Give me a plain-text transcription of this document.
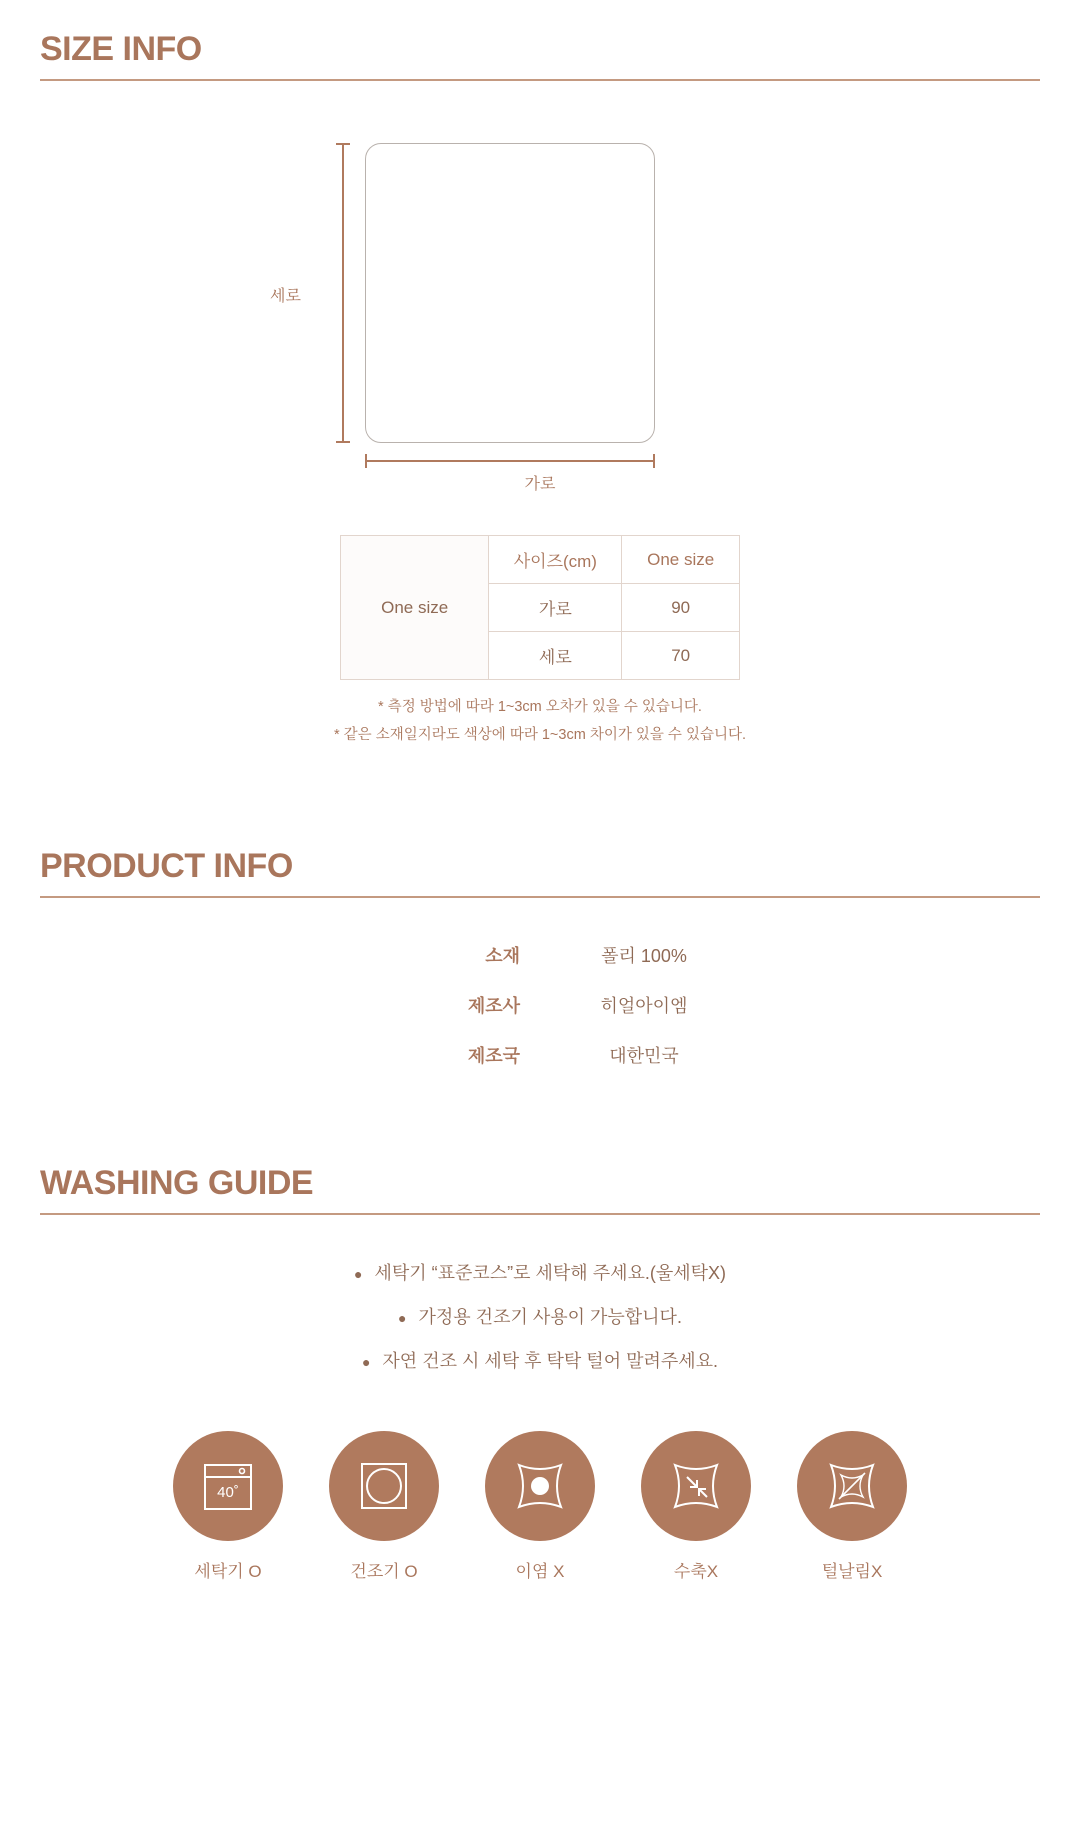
SIZE INFO
세로
가로
One size	사이즈(cm)	One size
	가로	90
	세로	70
* 측정 방법에 따라 1~3cm 오차가 있을 수 있습니다.
* 같은 소재일지라도 색상에 따라 1~3cm 차이가 있을 수 있습니다.
PRODUCT INFO
소재	폴리 100%
제조사	히얼아이엠
제조국	대한민국
WASHING GUIDE
● 세탁기 “표준코스”로 세탁해 주세요.(울세탁X)
● 가정용 건조기 사용이 가능합니다.
● 자연 건조 시 세탁 후 탁탁 털어 말려주세요.
40˚
세탁기 O	건조기 O	이염 X	수축X	털날림X
